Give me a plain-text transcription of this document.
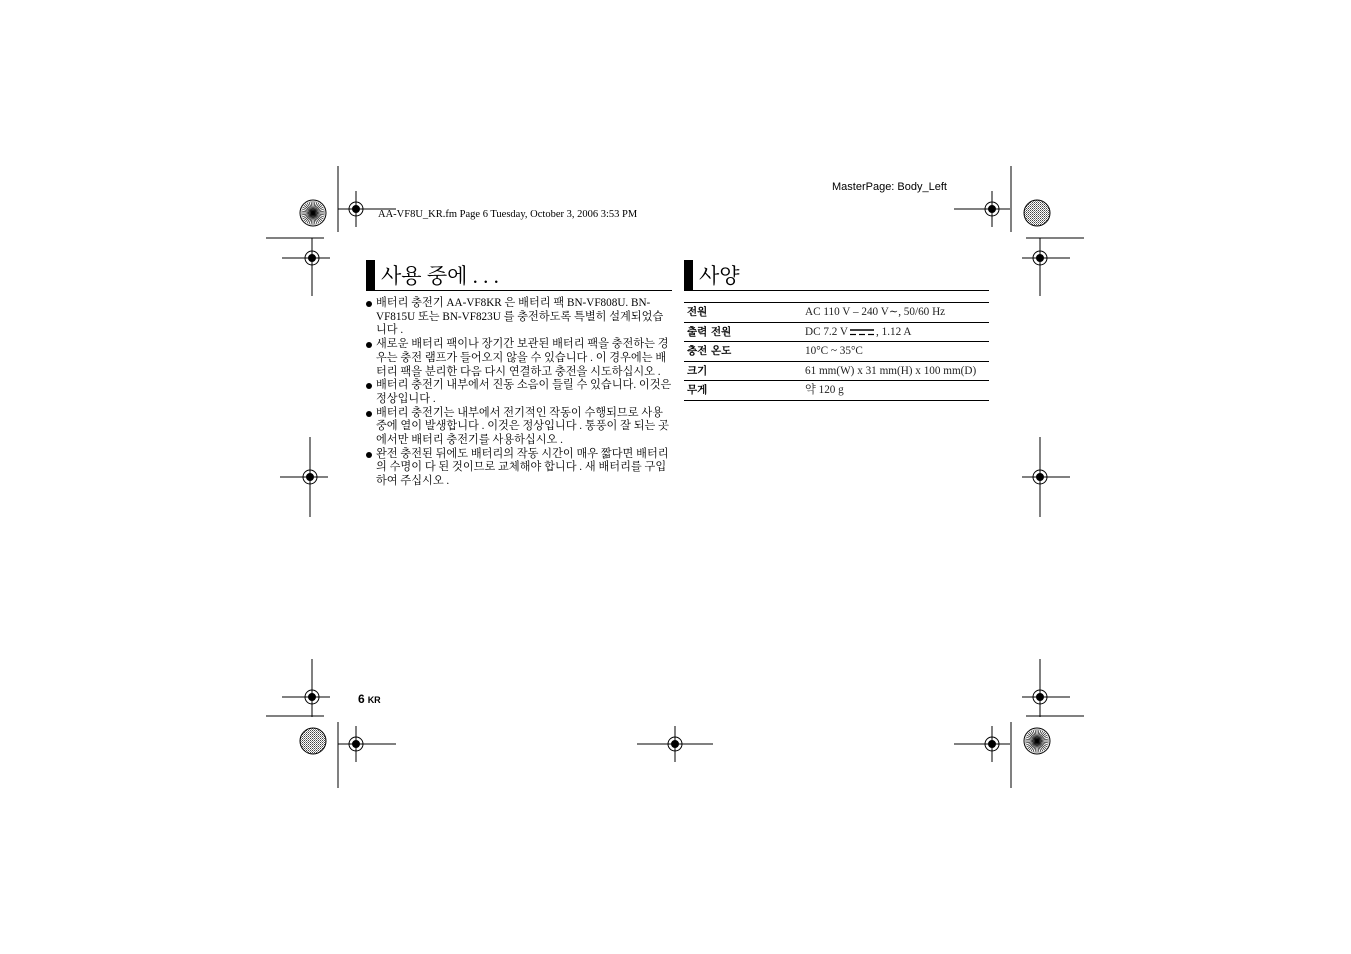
MasterPage: Body_Left
AA-VF8U_KR.fm Page 6 Tuesday, October 3, 2006 3:53 PM
사용 중에 . . .
배터리 충전기 AA-VF8KR 은 배터리 팩 BN-VF808U. BN-VF815U 또는 BN-VF823U 를 충전하도록 특별히 설계되었습니다 .
새로운 배터리 팩이나 장기간 보관된 배터리 팩을 충전하는 경우는 충전 램프가 들어오지 않을 수 있습니다 . 이 경우에는 배터리 팩을 분리한 다음 다시 연결하고 충전을 시도하십시오 .
배터리 충전기 내부에서 진동 소음이 들릴 수 있습니다. 이것은 정상입니다 .
배터리 충전기는 내부에서 전기적인 작동이 수행되므로 사용 중에 열이 발생합니다 . 이것은 정상입니다 . 통풍이 잘 되는 곳에서만 배터리 충전기를 사용하십시오 .
완전 충전된 뒤에도 배터리의 작동 시간이 매우 짧다면 배터리의 수명이 다 된 것이므로 교체해야 합니다 . 새 배터리를 구입하여 주십시오 .
사양
전원	AC 110 V – 240 V∼, 50/60 Hz
출력 전원	DC 7.2 V , 1.12 A
충전 온도	10°C ~ 35°C
크기	61 mm(W) x 31 mm(H) x 100 mm(D)
무게	약 120 g
6 KR
